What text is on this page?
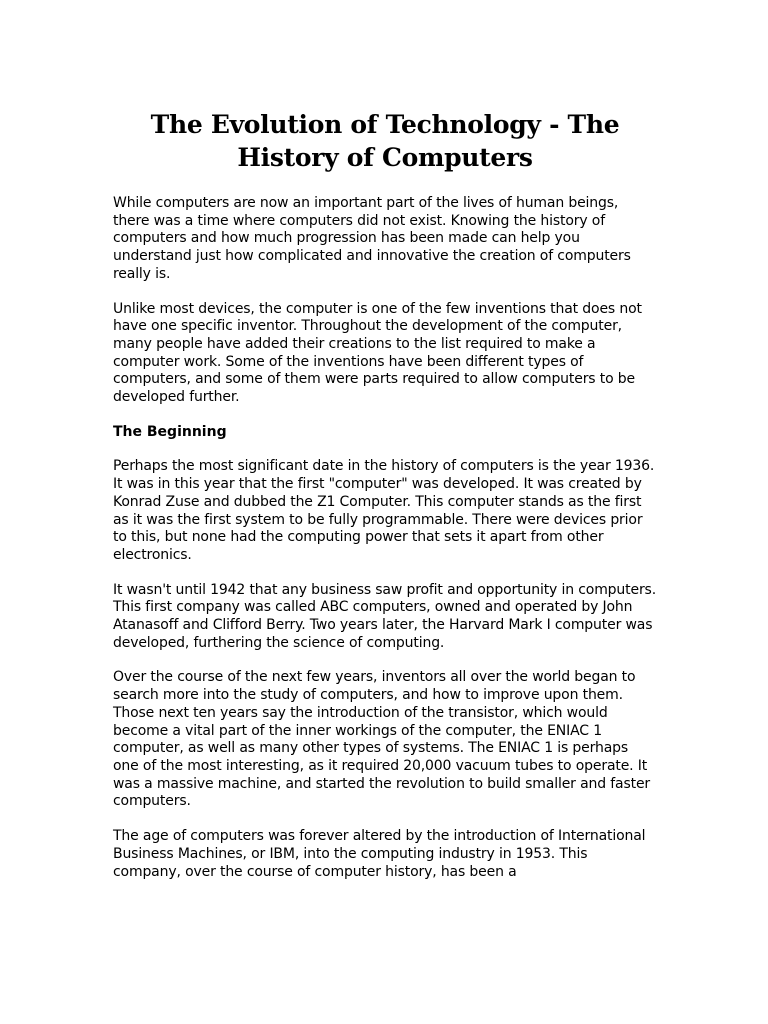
The Evolution of Technology - The History of Computers

While computers are now an important part of the lives of human beings, there was a time where computers did not exist. Knowing the history of computers and how much progression has been made can help you understand just how complicated and innovative the creation of computers really is.

Unlike most devices, the computer is one of the few inventions that does not have one specific inventor. Throughout the development of the computer, many people have added their creations to the list required to make a computer work. Some of the inventions have been different types of computers, and some of them were parts required to allow computers to be developed further.

The Beginning

Perhaps the most significant date in the history of computers is the year 1936. It was in this year that the first "computer" was developed. It was created by Konrad Zuse and dubbed the Z1 Computer. This computer stands as the first as it was the first system to be fully programmable. There were devices prior to this, but none had the computing power that sets it apart from other electronics.

It wasn't until 1942 that any business saw profit and opportunity in computers. This first company was called ABC computers, owned and operated by John Atanasoff and Clifford Berry. Two years later, the Harvard Mark I computer was developed, furthering the science of computing.

Over the course of the next few years, inventors all over the world began to search more into the study of computers, and how to improve upon them. Those next ten years say the introduction of the transistor, which would become a vital part of the inner workings of the computer, the ENIAC 1 computer, as well as many other types of systems. The ENIAC 1 is perhaps one of the most interesting, as it required 20,000 vacuum tubes to operate. It was a massive machine, and started the revolution to build smaller and faster computers.

The age of computers was forever altered by the introduction of International Business Machines, or IBM, into the computing industry in 1953. This company, over the course of computer history, has been a
